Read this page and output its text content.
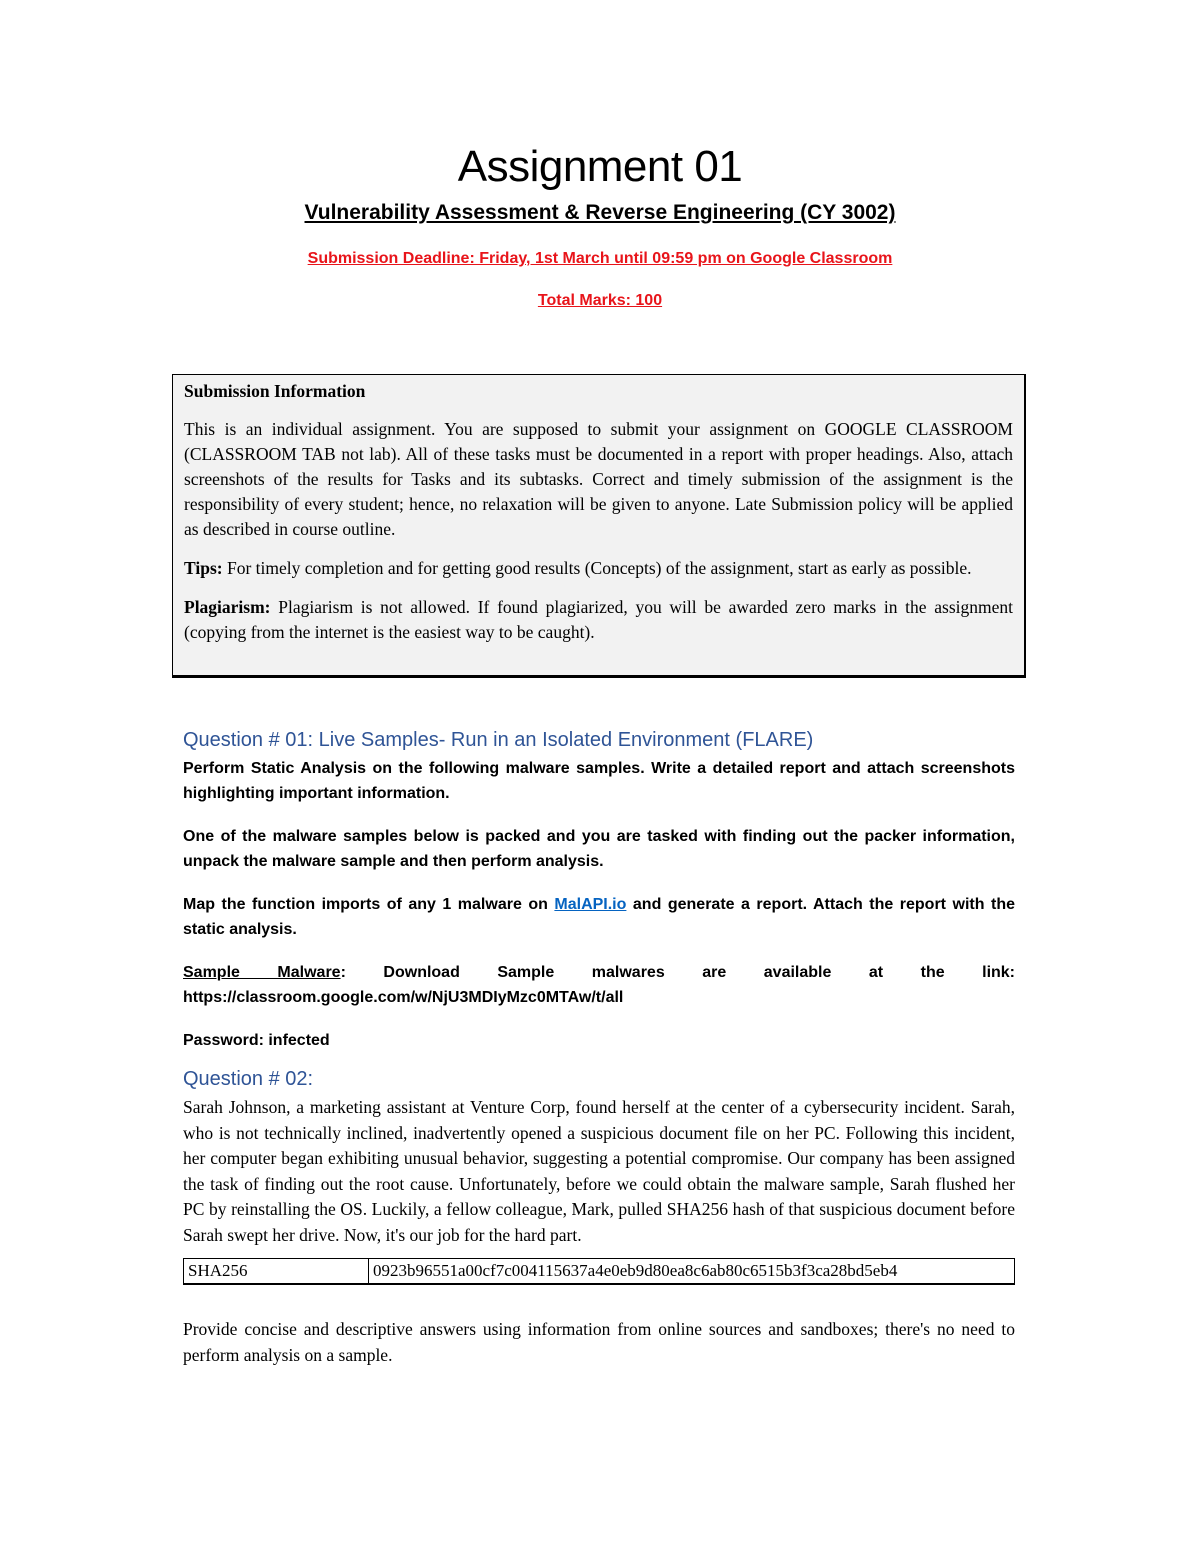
Assignment 01
Vulnerability Assessment & Reverse Engineering (CY 3002)
Submission Deadline: Friday, 1st March until 09:59 pm on Google Classroom
Total Marks: 100

Submission Information

This is an individual assignment. You are supposed to submit your assignment on GOOGLE CLASSROOM (CLASSROOM TAB not lab). All of these tasks must be documented in a report with proper headings. Also, attach screenshots of the results for Tasks and its subtasks. Correct and timely submission of the assignment is the responsibility of every student; hence, no relaxation will be given to anyone. Late Submission policy will be applied as described in course outline.

Tips: For timely completion and for getting good results (Concepts) of the assignment, start as early as possible.

Plagiarism: Plagiarism is not allowed. If found plagiarized, you will be awarded zero marks in the assignment (copying from the internet is the easiest way to be caught).

Question # 01: Live Samples- Run in an Isolated Environment (FLARE)

Perform Static Analysis on the following malware samples. Write a detailed report and attach screenshots highlighting important information.

One of the malware samples below is packed and you are tasked with finding out the packer information, unpack the malware sample and then perform analysis.

Map the function imports of any 1 malware on MalAPI.io and generate a report. Attach the report with the static analysis.

Sample Malware: Download Sample malwares are available at the link: https://classroom.google.com/w/NjU3MDIyMzc0MTAw/t/all

Password: infected

Question # 02:

Sarah Johnson, a marketing assistant at Venture Corp, found herself at the center of a cybersecurity incident. Sarah, who is not technically inclined, inadvertently opened a suspicious document file on her PC. Following this incident, her computer began exhibiting unusual behavior, suggesting a potential compromise. Our company has been assigned the task of finding out the root cause. Unfortunately, before we could obtain the malware sample, Sarah flushed her PC by reinstalling the OS. Luckily, a fellow colleague, Mark, pulled SHA256 hash of that suspicious document before Sarah swept her drive. Now, it's our job for the hard part.

SHA256	0923b96551a00cf7c004115637a4e0eb9d80ea8c6ab80c6515b3f3ca28bd5eb4

Provide concise and descriptive answers using information from online sources and sandboxes; there's no need to perform analysis on a sample.
